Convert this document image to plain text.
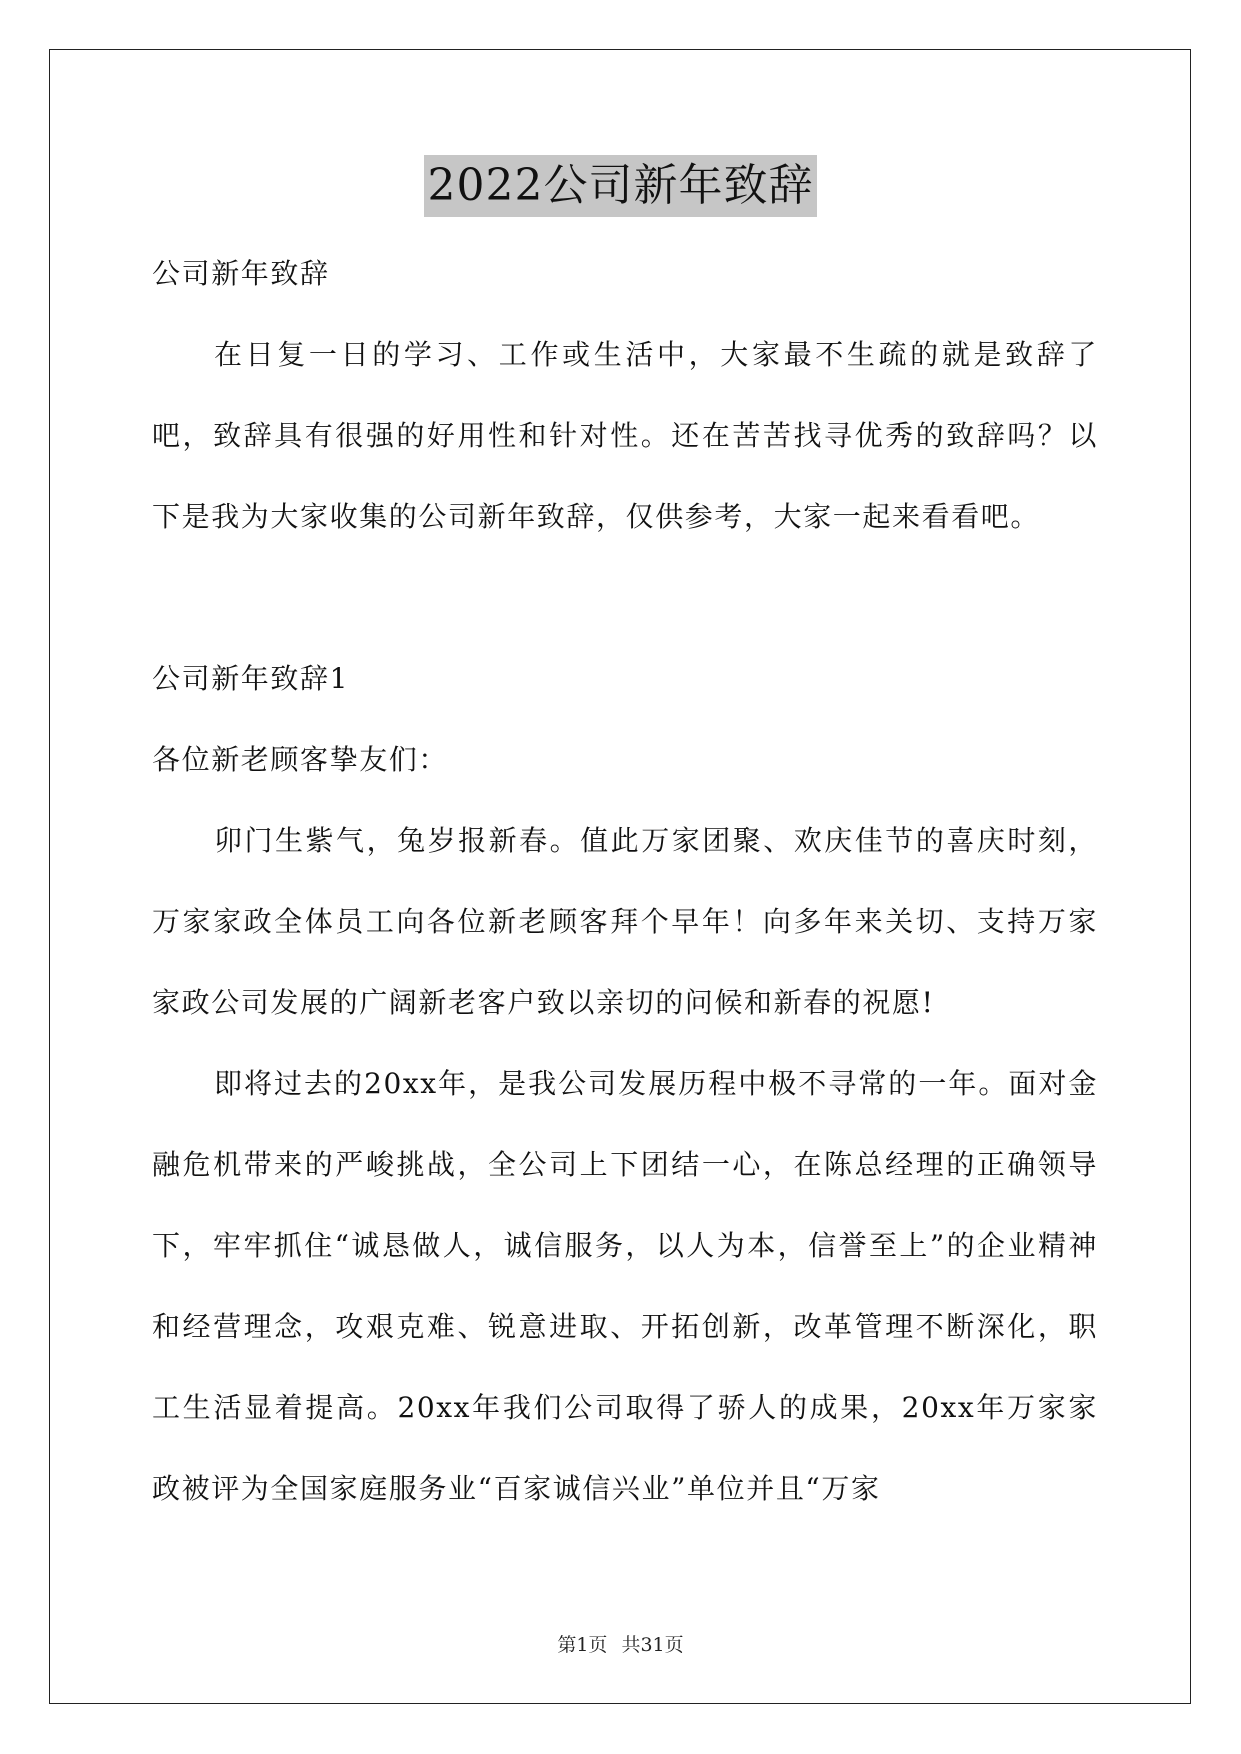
2022公司新年致辞

公司新年致辞

在日复一日的学习、工作或生活中，大家最不生疏的就是致辞了吧，致辞具有很强的好用性和针对性。还在苦苦找寻优秀的致辞吗？以下是我为大家收集的公司新年致辞，仅供参考，大家一起来看看吧。

公司新年致辞1

各位新老顾客挚友们：

卯门生紫气，兔岁报新春。值此万家团聚、欢庆佳节的喜庆时刻，万家家政全体员工向各位新老顾客拜个早年！向多年来关切、支持万家家政公司发展的广阔新老客户致以亲切的问候和新春的祝愿!

即将过去的20xx年，是我公司发展历程中极不寻常的一年。面对金融危机带来的严峻挑战，全公司上下团结一心，在陈总经理的正确领导下，牢牢抓住“诚恳做人，诚信服务，以人为本，信誉至上”的企业精神和经营理念，攻艰克难、锐意进取、开拓创新，改革管理不断深化，职工生活显着提高。20xx年我们公司取得了骄人的成果，20xx年万家家政被评为全国家庭服务业“百家诚信兴业”单位并且“万家

第1页 共31页
